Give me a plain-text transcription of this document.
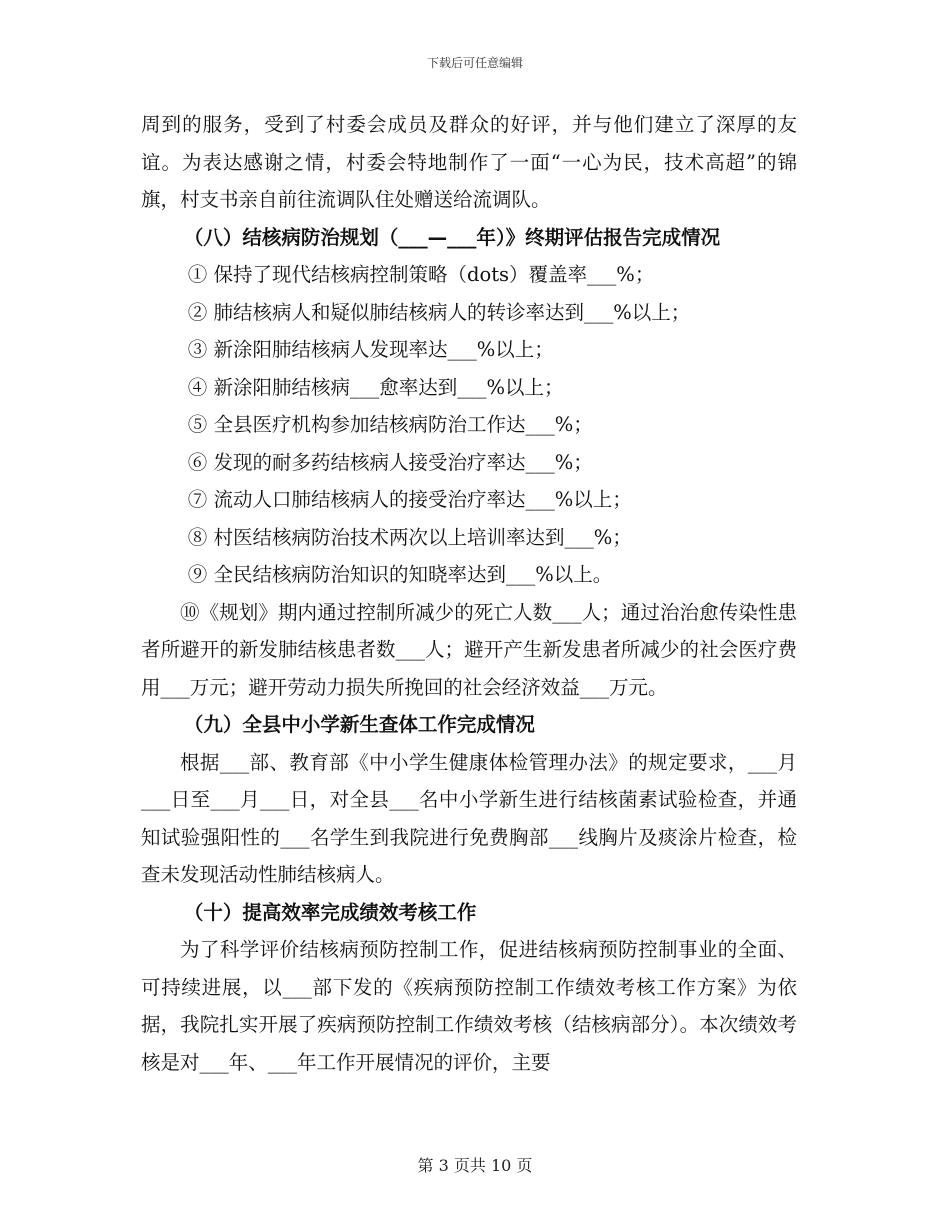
下载后可任意编辑

周到的服务，受到了村委会成员及群众的好评，并与他们建立了深厚的友谊。为表达感谢之情，村委会特地制作了一面“一心为民，技术高超”的锦旗，村支书亲自前往流调队住处赠送给流调队。

（八）结核病防治规划（___—___年）》终期评估报告完成情况

① 保持了现代结核病控制策略（dots）覆盖率___%；

② 肺结核病人和疑似肺结核病人的转诊率达到___%以上；

③ 新涂阳肺结核病人发现率达___%以上；

④ 新涂阳肺结核病___愈率达到___%以上；

⑤ 全县医疗机构参加结核病防治工作达___%；

⑥ 发现的耐多药结核病人接受治疗率达___%；

⑦ 流动人口肺结核病人的接受治疗率达___%以上；

⑧ 村医结核病防治技术两次以上培训率达到___%；

⑨ 全民结核病防治知识的知晓率达到___%以上。

⑩《规划》期内通过控制所减少的死亡人数___人；通过治治愈传染性患者所避开的新发肺结核患者数___人；避开产生新发患者所减少的社会医疗费用___万元；避开劳动力损失所挽回的社会经济效益___万元。

（九）全县中小学新生查体工作完成情况

根据___部、教育部《中小学生健康体检管理办法》的规定要求，___月___日至___月___日，对全县___名中小学新生进行结核菌素试验检查，并通知试验强阳性的___名学生到我院进行免费胸部___线胸片及痰涂片检查，检查未发现活动性肺结核病人。

（十）提高效率完成绩效考核工作

为了科学评价结核病预防控制工作，促进结核病预防控制事业的全面、可持续进展，以___部下发的《疾病预防控制工作绩效考核工作方案》为依据，我院扎实开展了疾病预防控制工作绩效考核（结核病部分）。本次绩效考核是对___年、___年工作开展情况的评价，主要

第 3 页共 10 页
